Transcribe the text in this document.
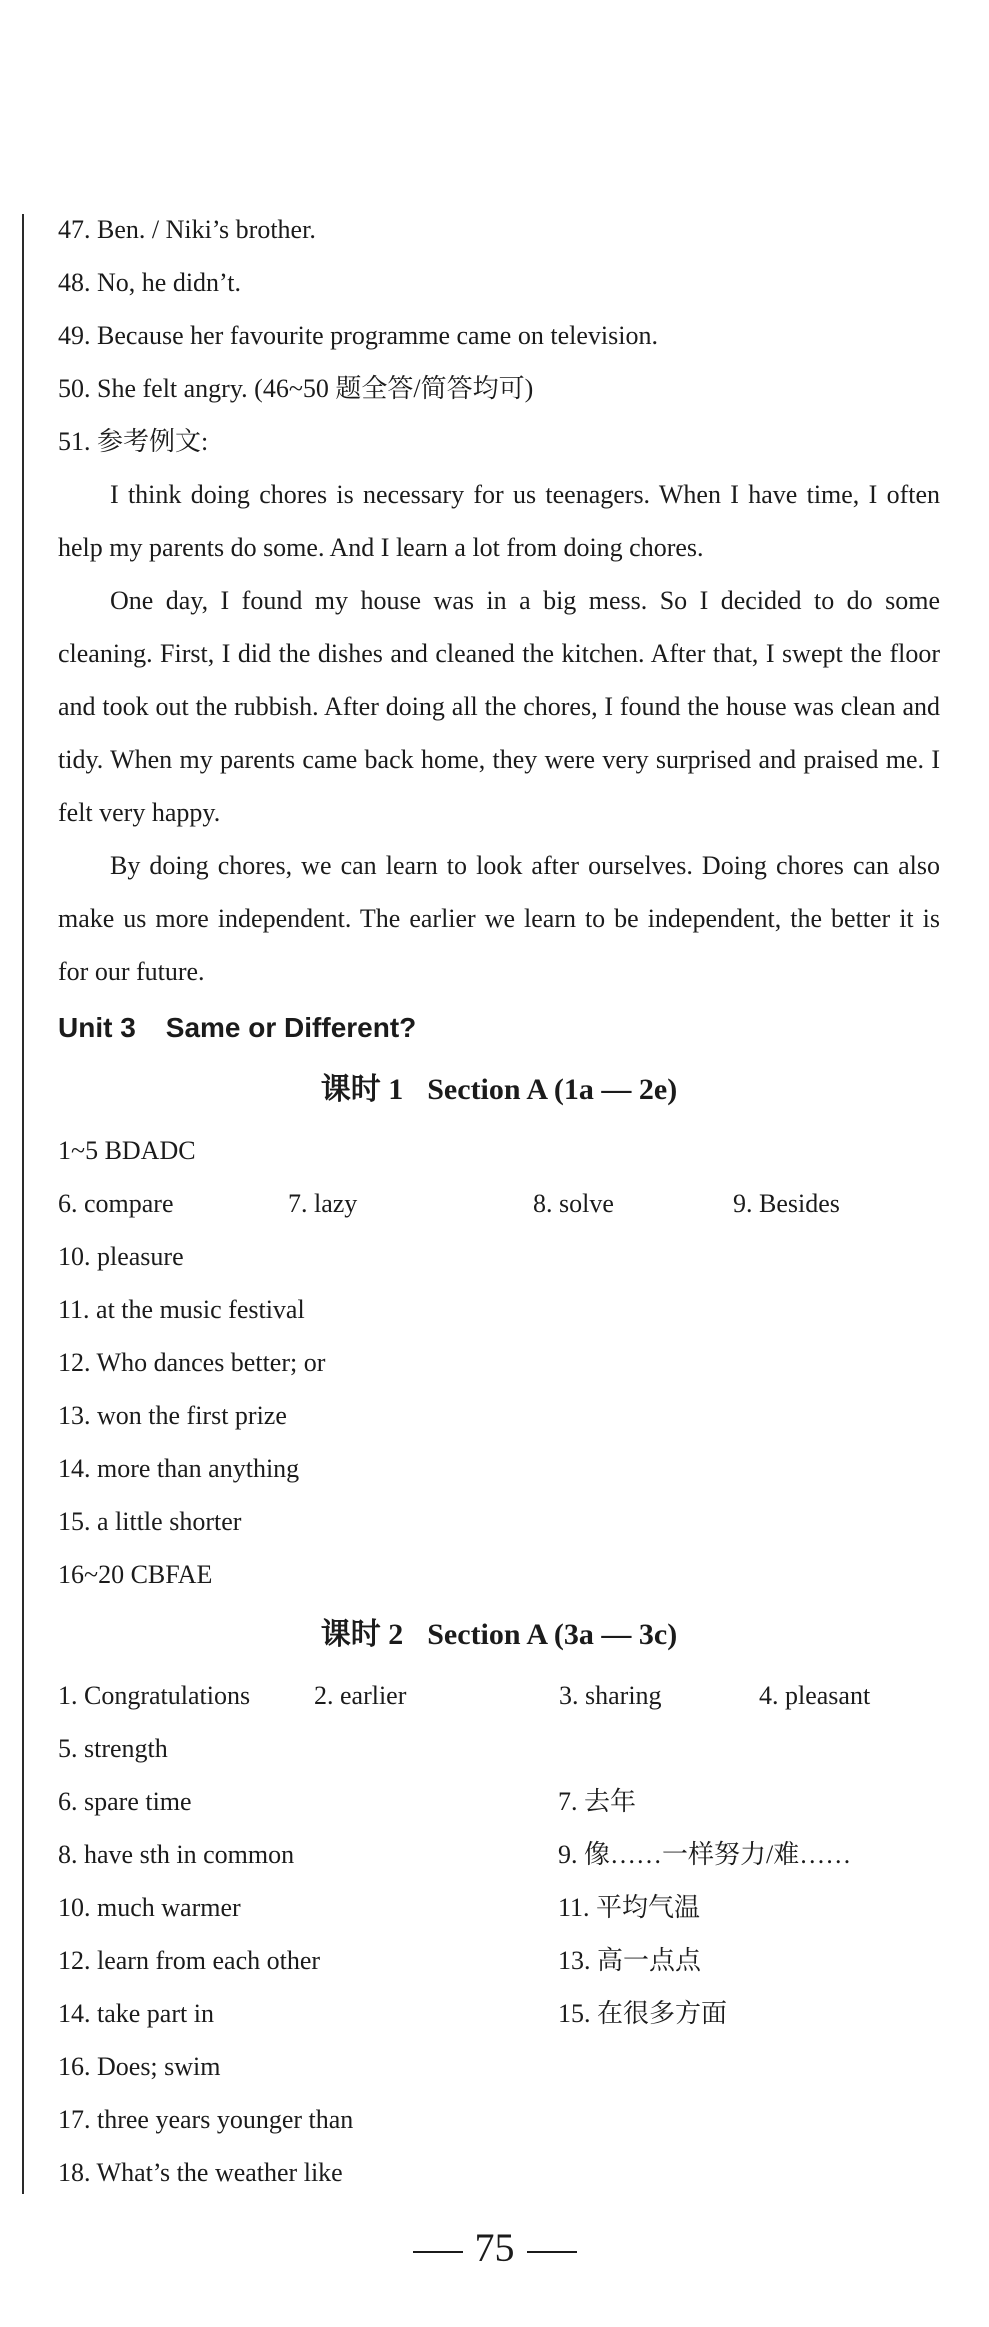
47. Ben. / Niki’s brother.
48. No, he didn’t.
49. Because her favourite programme came on television.
50. She felt angry. (46~50 题全答/简答均可)
51. 参考例文:
I think doing chores is necessary for us teenagers. When I have time, I often help my parents do some. And I learn a lot from doing chores.
One day, I found my house was in a big mess. So I decided to do some cleaning. First, I did the dishes and cleaned the kitchen. After that, I swept the floor and took out the rubbish. After doing all the chores, I found the house was clean and tidy. When my parents came back home, they were very surprised and praised me. I felt very happy.
By doing chores, we can learn to look after ourselves. Doing chores can also make us more independent. The earlier we learn to be independent, the better it is for our future.
Unit 3 Same or Different?
课时 1 Section A (1a — 2e)
1~5 BDADC
6. compare	7. lazy	8. solve	9. Besides
10. pleasure
11. at the music festival
12. Who dances better; or
13. won the first prize
14. more than anything
15. a little shorter
16~20 CBFAE
课时 2 Section A (3a — 3c)
1. Congratulations	2. earlier	3. sharing	4. pleasant
5. strength
6. spare time	7. 去年
8. have sth in common	9. 像……一样努力/难……
10. much warmer	11. 平均气温
12. learn from each other	13. 高一点点
14. take part in	15. 在很多方面
16. Does; swim
17. three years younger than
18. What’s the weather like
75
